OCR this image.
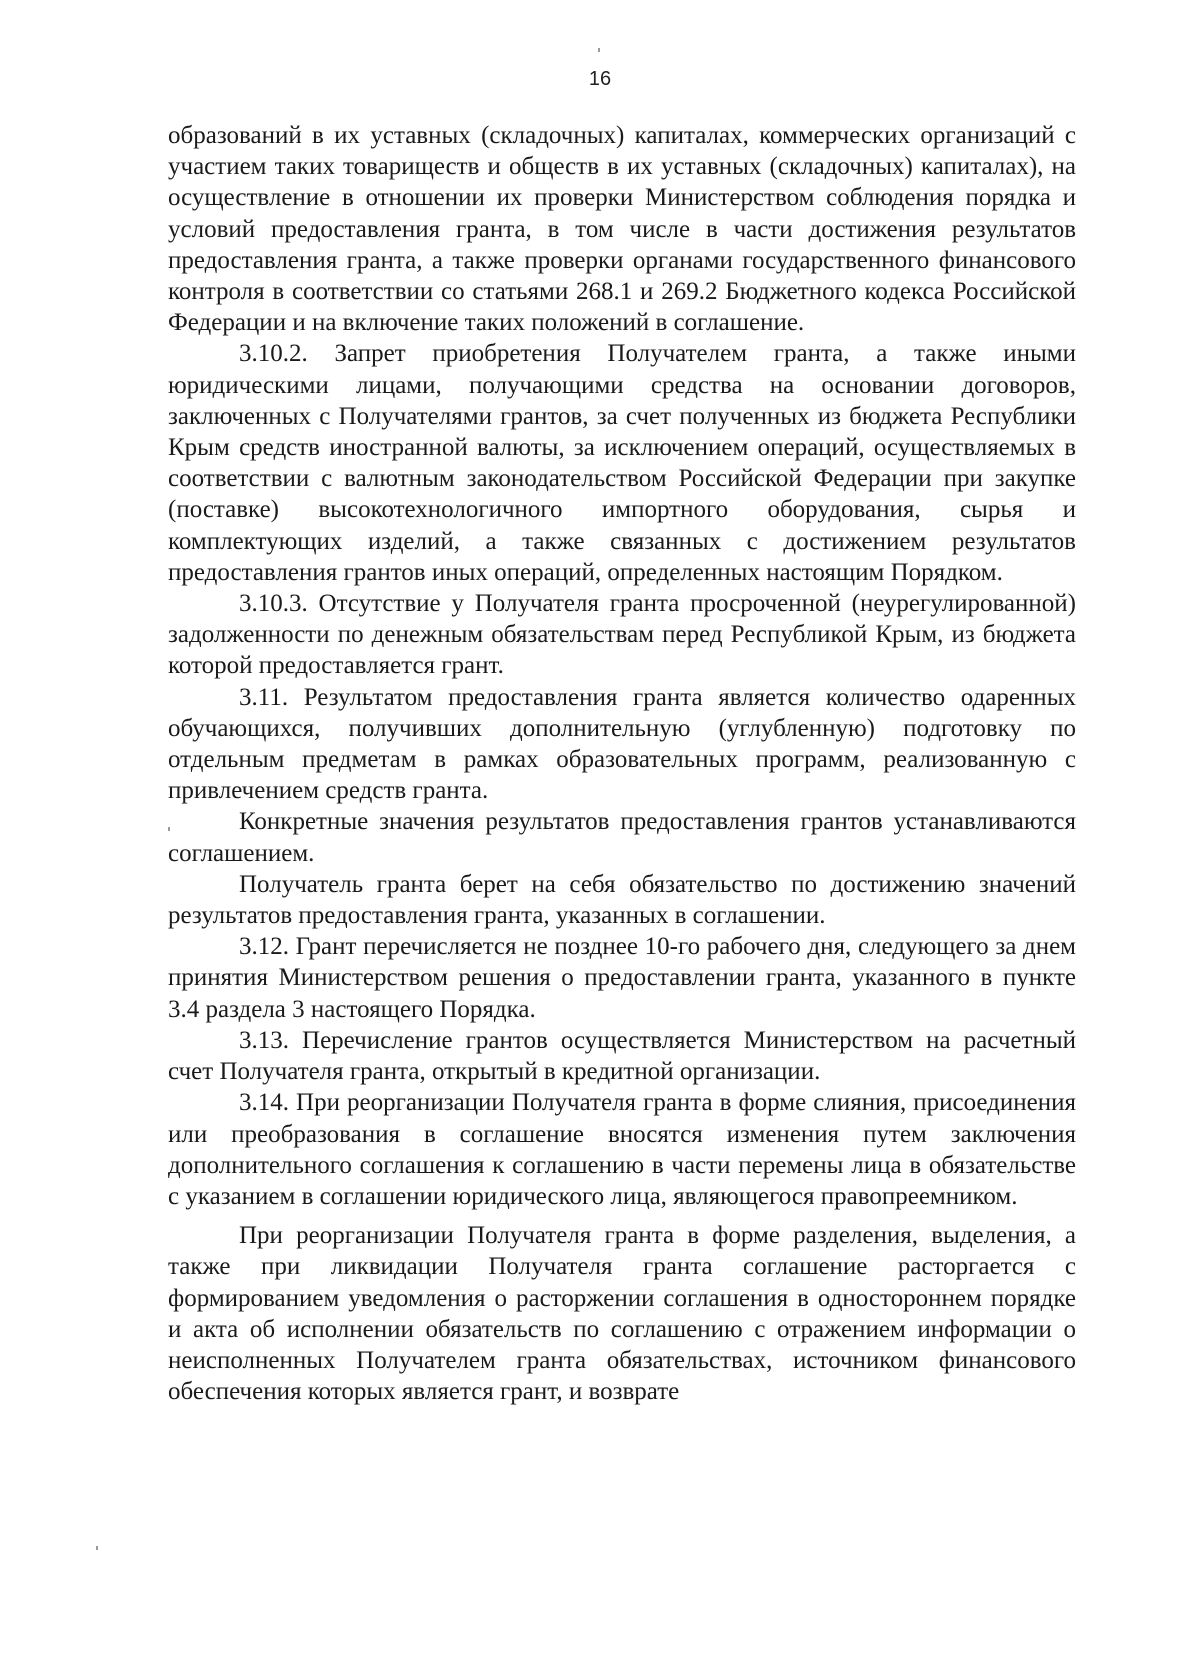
16

образований в их уставных (складочных) капиталах, коммерческих организаций с участием таких товариществ и обществ в их уставных (складочных) капиталах), на осуществление в отношении их проверки Министерством соблюдения порядка и условий предоставления гранта, в том числе в части достижения результатов предоставления гранта, а также проверки органами государственного финансового контроля в соответствии со статьями 268.1 и 269.2 Бюджетного кодекса Российской Федерации и на включение таких положений в соглашение.

3.10.2. Запрет приобретения Получателем гранта, а также иными юридическими лицами, получающими средства на основании договоров, заключенных с Получателями грантов, за счет полученных из бюджета Республики Крым средств иностранной валюты, за исключением операций, осуществляемых в соответствии с валютным законодательством Российской Федерации при закупке (поставке) высокотехнологичного импортного оборудования, сырья и комплектующих изделий, а также связанных с достижением результатов предоставления грантов иных операций, определенных настоящим Порядком.

3.10.3. Отсутствие у Получателя гранта просроченной (неурегулированной) задолженности по денежным обязательствам перед Республикой Крым, из бюджета которой предоставляется грант.

3.11. Результатом предоставления гранта является количество одаренных обучающихся, получивших дополнительную (углубленную) подготовку по отдельным предметам в рамках образовательных программ, реализованную с привлечением средств гранта.

Конкретные значения результатов предоставления грантов устанавливаются соглашением.

Получатель гранта берет на себя обязательство по достижению значений результатов предоставления гранта, указанных в соглашении.

3.12. Грант перечисляется не позднее 10-го рабочего дня, следующего за днем принятия Министерством решения о предоставлении гранта, указанного в пункте 3.4 раздела 3 настоящего Порядка.

3.13. Перечисление грантов осуществляется Министерством на расчетный счет Получателя гранта, открытый в кредитной организации.

3.14. При реорганизации Получателя гранта в форме слияния, присоединения или преобразования в соглашение вносятся изменения путем заключения дополнительного соглашения к соглашению в части перемены лица в обязательстве с указанием в соглашении юридического лица, являющегося правопреемником.

При реорганизации Получателя гранта в форме разделения, выделения, а также при ликвидации Получателя гранта соглашение расторгается с формированием уведомления о расторжении соглашения в одностороннем порядке и акта об исполнении обязательств по соглашению с отражением информации о неисполненных Получателем гранта обязательствах, источником финансового обеспечения которых является грант, и возврате
